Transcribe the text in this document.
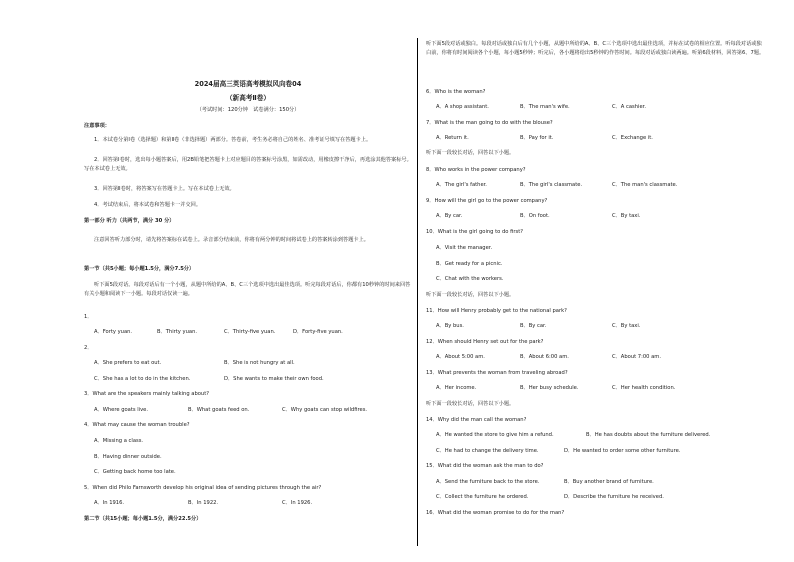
2024届高三英语高考模拟风向卷04
（新高考Ⅱ卷）
（考试时间：120分钟　试卷满分：150分）
注意事项：
1．本试卷分第Ⅰ卷（选择题）和第Ⅱ卷（非选择题）两部分。答卷前，考生务必将自己的姓名、准考证号填写在答题卡上。
2．回答第Ⅰ卷时，选出每小题答案后，用2B铅笔把答题卡上对应题目的答案标号涂黑，如需改动，用橡皮擦干净后，再选涂其他答案标号。写在本试卷上无效。
3．回答第Ⅱ卷时，将答案写在答题卡上。写在本试卷上无效。
4．考试结束后，将本试卷和答题卡一并交回。
第一部分 听力（共两节，满分 30 分）
注意回答听力部分时，请先将答案标在试卷上。录音部分结束前，你将有两分钟的时间将试卷上的答案转涂到答题卡上。
第一节（共5小题；每小题1.5分，满分7.5分）
听下面5段对话。每段对话后有一个小题，从题中所给的A、B、C三个选项中选出最佳选项。听完每段对话后，你都有10秒钟的时间来回答有关小题和阅读下一小题。每段对话仅读一遍。
1．
A．Forty yuan.	B．Thirty yuan.	C．Thirty-five yuan.	D．Forty-five yuan.
2．
A．She prefers to eat out.	B．She is not hungry at all.
C．She has a lot to do in the kitchen.	D．She wants to make their own food.
3．What are the speakers mainly talking about?
A．Where goats live.	B．What goats feed on.	C．Why goats can stop wildfires.
4．What may cause the woman trouble?
A．Missing a class.
B．Having dinner outside.
C．Getting back home too late.
5．When did Philo Farnsworth develop his original idea of sending pictures through the air?
A．In 1916.	B．In 1922.	C．In 1926.
第二节（共15小题；每小题1.5分，满分22.5分）
听下面5段对话或独白。每段对话或独白后有几个小题，从题中所给的A、B、C三个选项中选出最佳选项，并标在试卷的相应位置。听每段对话或独白前，你将有时间阅读各个小题，每小题5秒钟；听完后，各小题将给出5秒钟的作答时间。每段对话或独白读两遍。听第6段材料，回答第6、7题。
6．Who is the woman?
A．A shop assistant.	B．The man's wife.	C．A cashier.
7．What is the man going to do with the blouse?
A．Return it.	B．Pay for it.	C．Exchange it.
听下面一段较长对话，回答以下小题。
8．Who works in the power company?
A．The girl's father.	B．The girl's classmate.	C．The man's classmate.
9．How will the girl go to the power company?
A．By car.	B．On foot.	C．By taxi.
10．What is the girl going to do first?
A．Visit the manager.
B．Get ready for a picnic.
C．Chat with the workers.
听下面一段较长对话，回答以下小题。
11．How will Henry probably get to the national park?
A．By bus.	B．By car.	C．By taxi.
12．When should Henry set out for the park?
A．About 5:00 am.	B．About 6:00 am.	C．About 7:00 am.
13．What prevents the woman from traveling abroad?
A．Her income.	B．Her busy schedule.	C．Her health condition.
听下面一段较长对话，回答以下小题。
14．Why did the man call the woman?
A．He wanted the store to give him a refund.	B．He has doubts about the furniture delivered.
C．He had to change the delivery time.	D．He wanted to order some other furniture.
15．What did the woman ask the man to do?
A．Send the furniture back to the store.	B．Buy another brand of furniture.
C．Collect the furniture he ordered.	D．Describe the furniture he received.
16．What did the woman promise to do for the man?
